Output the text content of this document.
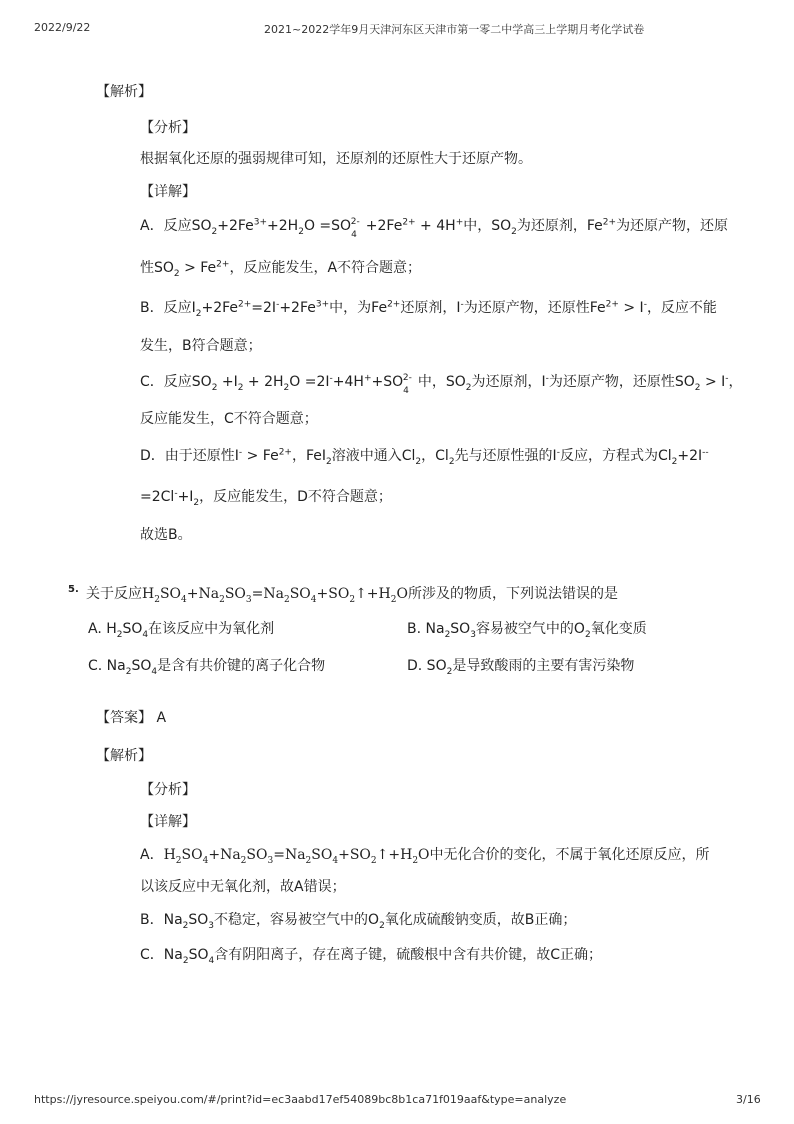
2022/9/22	2021~2022学年9月天津河东区天津市第一零二中学高三上学期月考化学试卷
【解析】
【分析】
根据氧化还原的强弱规律可知，还原剂的还原性大于还原产物。
【详解】
A．反应$SO_2+2Fe^{3+}+2H_2O =SO_4^{2-} +2Fe^{2+} + 4H^+$中，$SO_2$为还原剂，$Fe^{2+}$为还原产物，还原
性$SO_2 > Fe^{2+}$，反应能发生，A不符合题意；
B．反应$I_2+2Fe^{2+}=2I^-+2Fe^{3+}$中，为$Fe^{2+}$还原剂，I-为还原产物，还原性$Fe^{2+} > I^-$，反应不能
发生，B符合题意；
C．反应$SO_2 +I_2 + 2H_2O =2I^-+4H^++SO_4^{2-}$ 中，$SO_2$为还原剂，I-为还原产物，还原性$SO_2 > I^-$，
反应能发生，C不符合题意；
D．由于还原性$I^- > Fe^{2+}$，FeI$_2$溶液中通入$Cl_2$，$Cl_2$先与还原性强的I-反应，方程式为$Cl_2+2I^{--}$
$=2Cl^-+I_2$，反应能发生，D不符合题意；
故选B。
5. 关于反应$H_2SO_4+Na_2SO_3=Na_2SO_4+SO_2↑+H_2O$所涉及的物质，下列说法错误的是
A. $H_2SO_4$在该反应中为氧化剂	B. $Na_2SO_3$容易被空气中的$O_2$氧化变质
C. $Na_2SO_4$是含有共价键的离子化合物	D. $SO_2$是导致酸雨的主要有害污染物
【答案】 A
【解析】
【分析】
【详解】
A．$H_2SO_4+Na_2SO_3=Na_2SO_4+SO_2↑+H_2O$中无化合价的变化，不属于氧化还原反应，所
以该反应中无氧化剂，故A错误；
B．$Na_2SO_3$不稳定，容易被空气中的$O_2$氧化成硫酸钠变质，故B正确；
C．$Na_2SO_4$含有阴阳离子，存在离子键，硫酸根中含有共价键，故C正确；
https://jyresource.speiyou.com/#/print?id=ec3aabd17ef54089bc8b1ca71f019aaf&type=analyze	3/16
